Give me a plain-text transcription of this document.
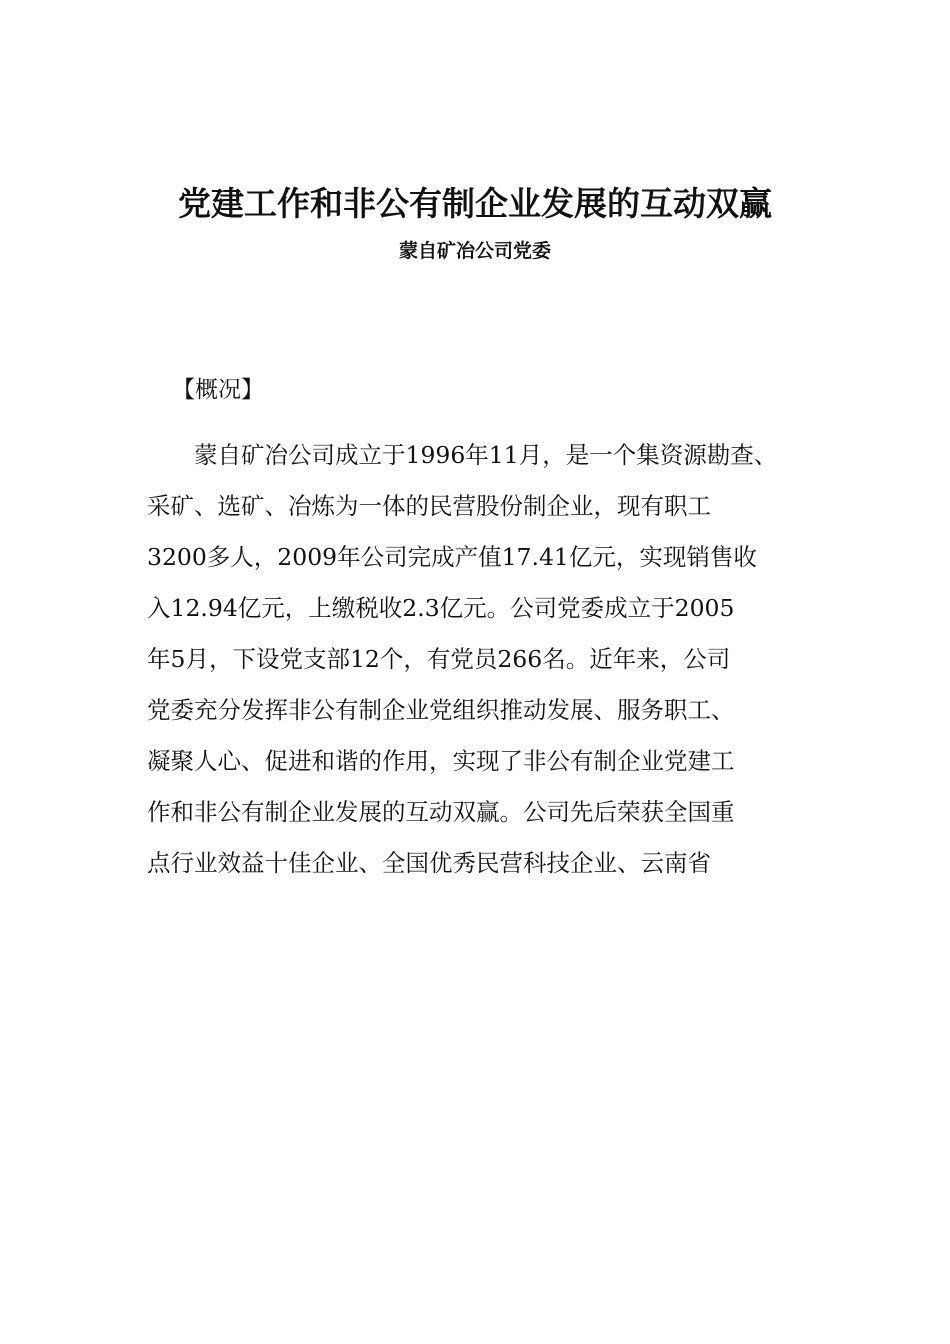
党建工作和非公有制企业发展的互动双赢
蒙自矿冶公司党委
【概况】
蒙自矿冶公司成立于1996年11月，是一个集资源勘查、
采矿、选矿、冶炼为一体的民营股份制企业，现有职工
3200多人，2009年公司完成产值17.41亿元，实现销售收
入12.94亿元，上缴税收2.3亿元。公司党委成立于2005
年5月，下设党支部12个，有党员266名。近年来，公司
党委充分发挥非公有制企业党组织推动发展、服务职工、
凝聚人心、促进和谐的作用，实现了非公有制企业党建工
作和非公有制企业发展的互动双赢。公司先后荣获全国重
点行业效益十佳企业、全国优秀民营科技企业、云南省
